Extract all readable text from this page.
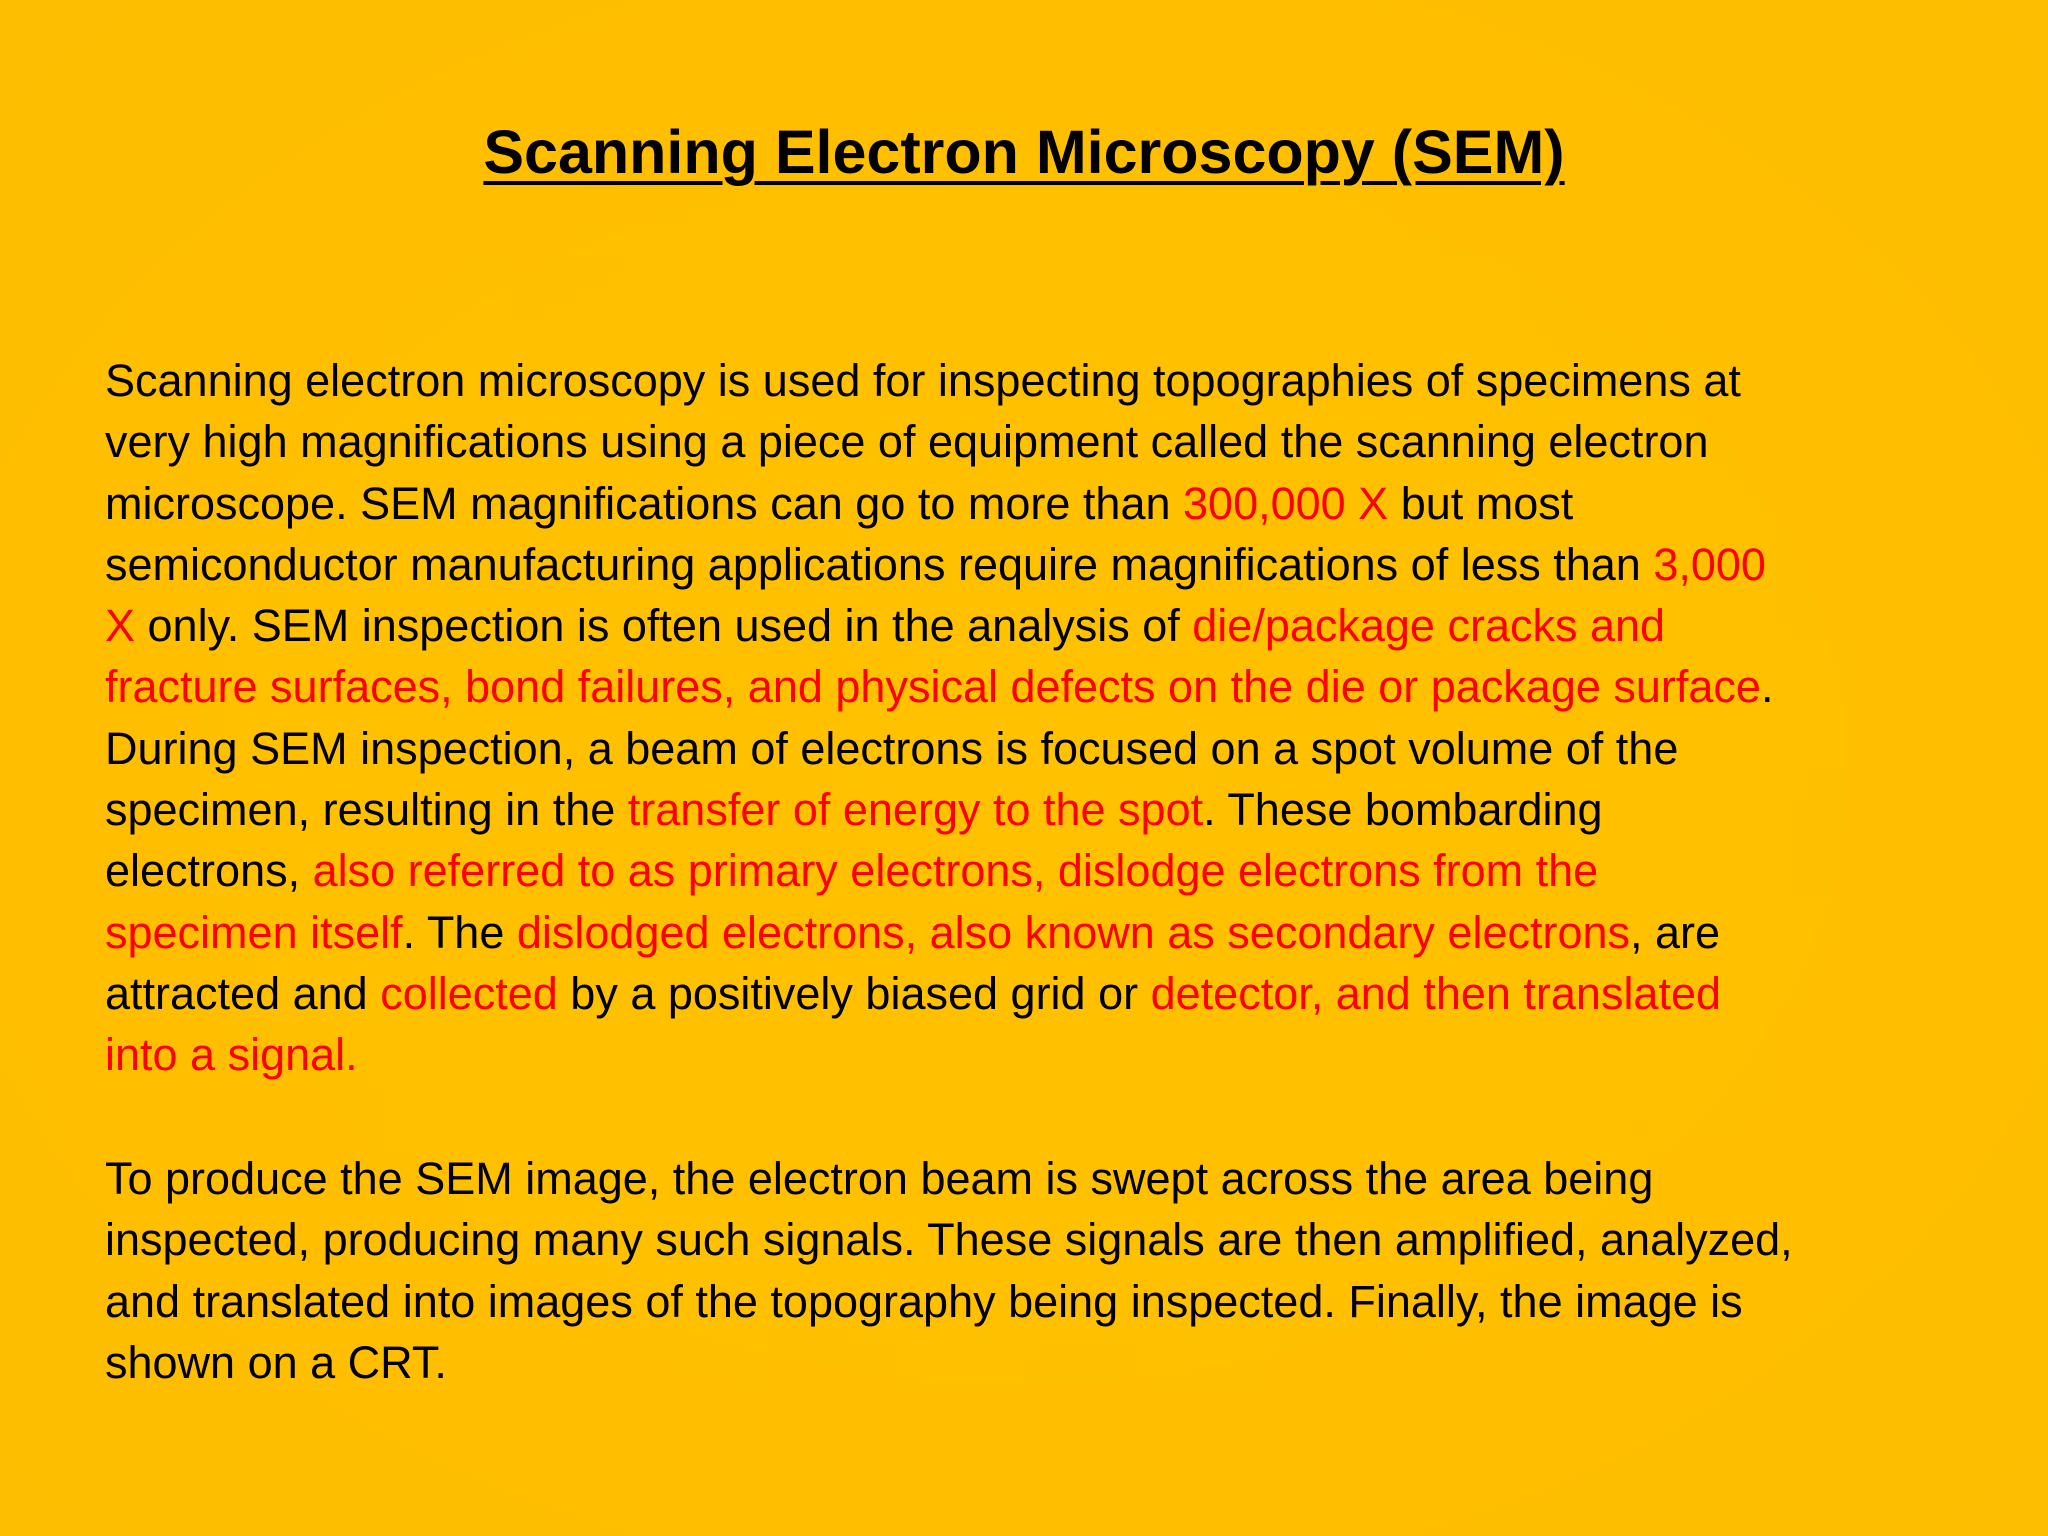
Scanning Electron Microscopy (SEM)

Scanning electron microscopy is used for inspecting topographies of specimens at
very high magnifications using a piece of equipment called the scanning electron
microscope. SEM magnifications can go to more than 300,000 X but most
semiconductor manufacturing applications require magnifications of less than 3,000
X only. SEM inspection is often used in the analysis of die/package cracks and
fracture surfaces, bond failures, and physical defects on the die or package surface.
During SEM inspection, a beam of electrons is focused on a spot volume of the
specimen, resulting in the transfer of energy to the spot. These bombarding
electrons, also referred to as primary electrons, dislodge electrons from the
specimen itself. The dislodged electrons, also known as secondary electrons, are
attracted and collected by a positively biased grid or detector, and then translated
into a signal.

To produce the SEM image, the electron beam is swept across the area being
inspected, producing many such signals. These signals are then amplified, analyzed,
and translated into images of the topography being inspected. Finally, the image is
shown on a CRT.
